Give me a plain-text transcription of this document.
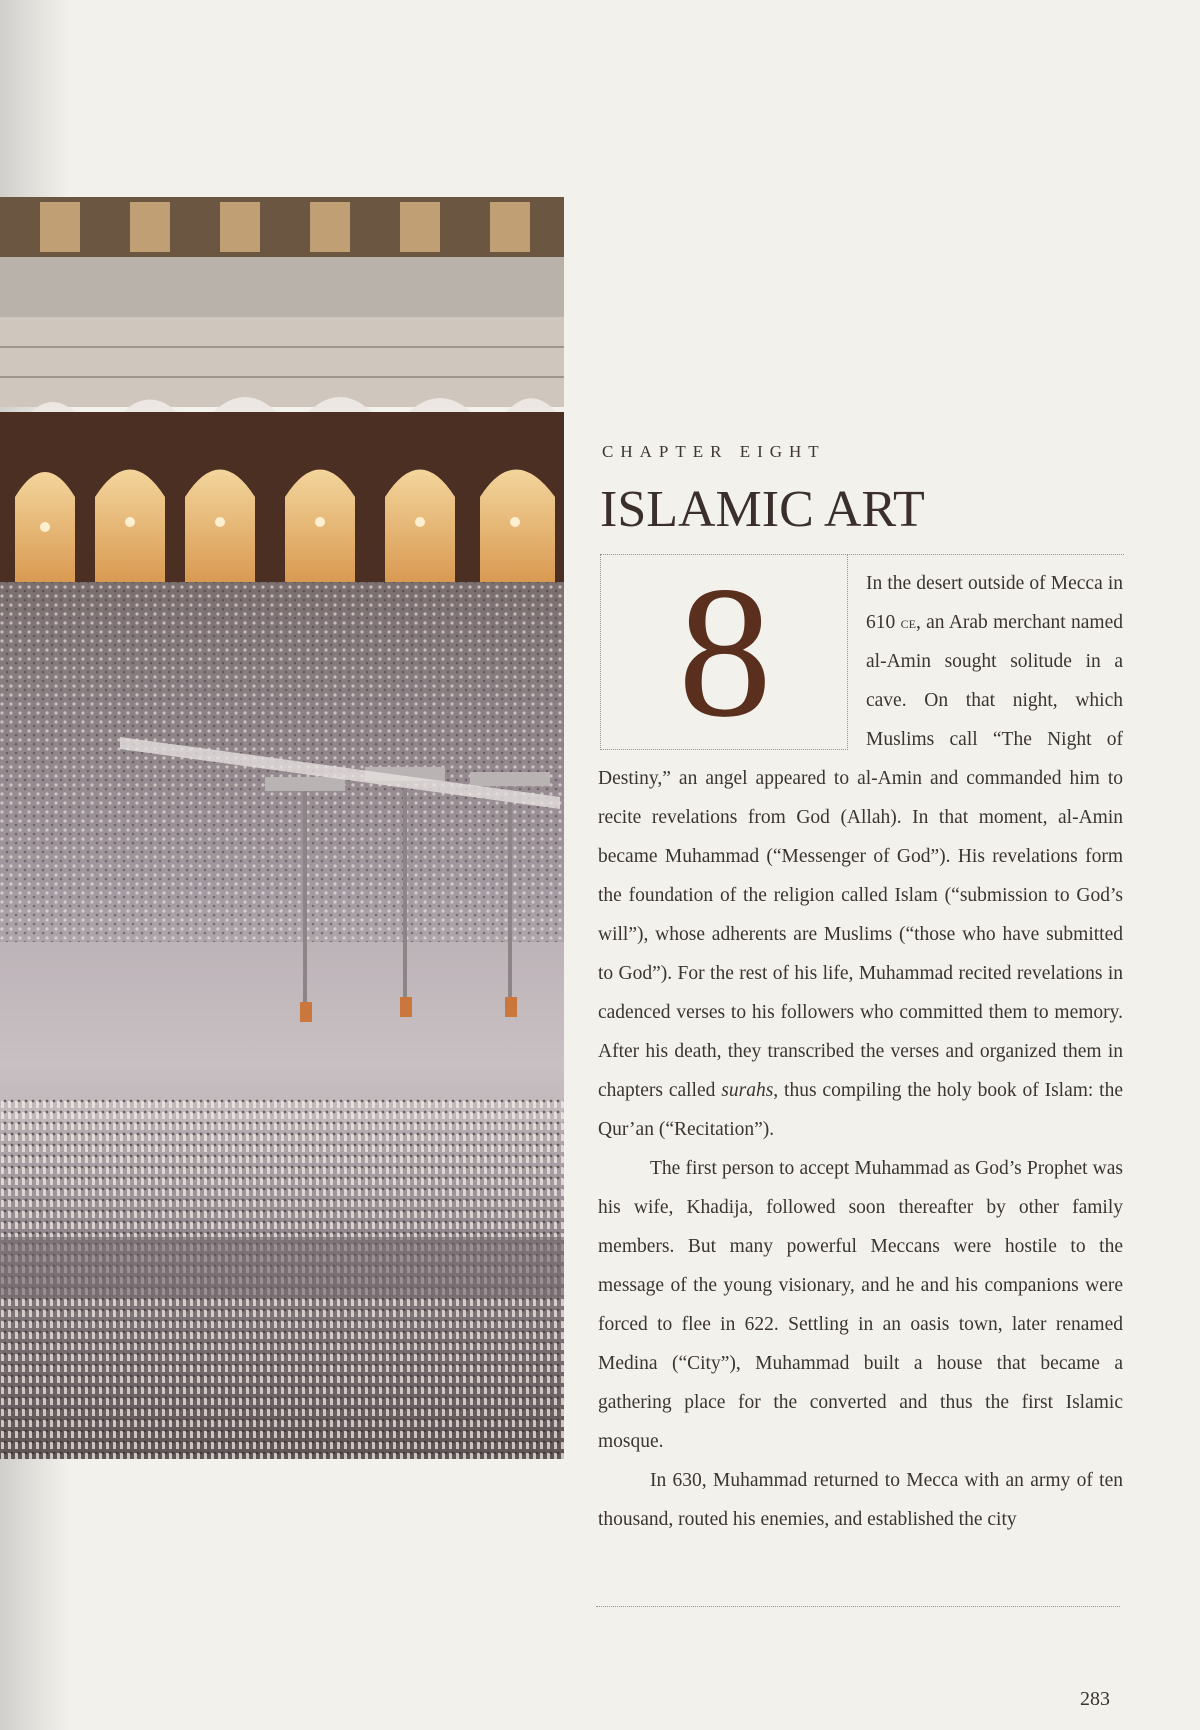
CHAPTER EIGHT
ISLAMIC ART
8	In the desert outside of Mecca in 610 ce, an Arab merchant named al-Amin sought solitude in a cave. On that night, which Muslims call “The Night of Destiny,” an angel appeared to al-Amin and commanded him to recite revelations from God (Allah). In that moment, al-Amin became Muhammad (“Messenger of God”). His revelations form the foundation of the religion called Islam (“submission to God’s will”), whose adherents are Muslims (“those who have submitted to God”). For the rest of his life, Muhammad recited revelations in cadenced verses to his followers who committed them to memory. After his death, they transcribed the verses and organized them in chapters called surahs, thus compiling the holy book of Islam: the Qur’an (“Recitation”).

The first person to accept Muhammad as God’s Prophet was his wife, Khadija, followed soon thereafter by other family members. But many powerful Meccans were hostile to the message of the young visionary, and he and his companions were forced to flee in 622. Settling in an oasis town, later renamed Medina (“City”), Muhammad built a house that became a gathering place for the converted and thus the first Islamic mosque.

In 630, Muhammad returned to Mecca with an army of ten thousand, routed his enemies, and established the city

283
